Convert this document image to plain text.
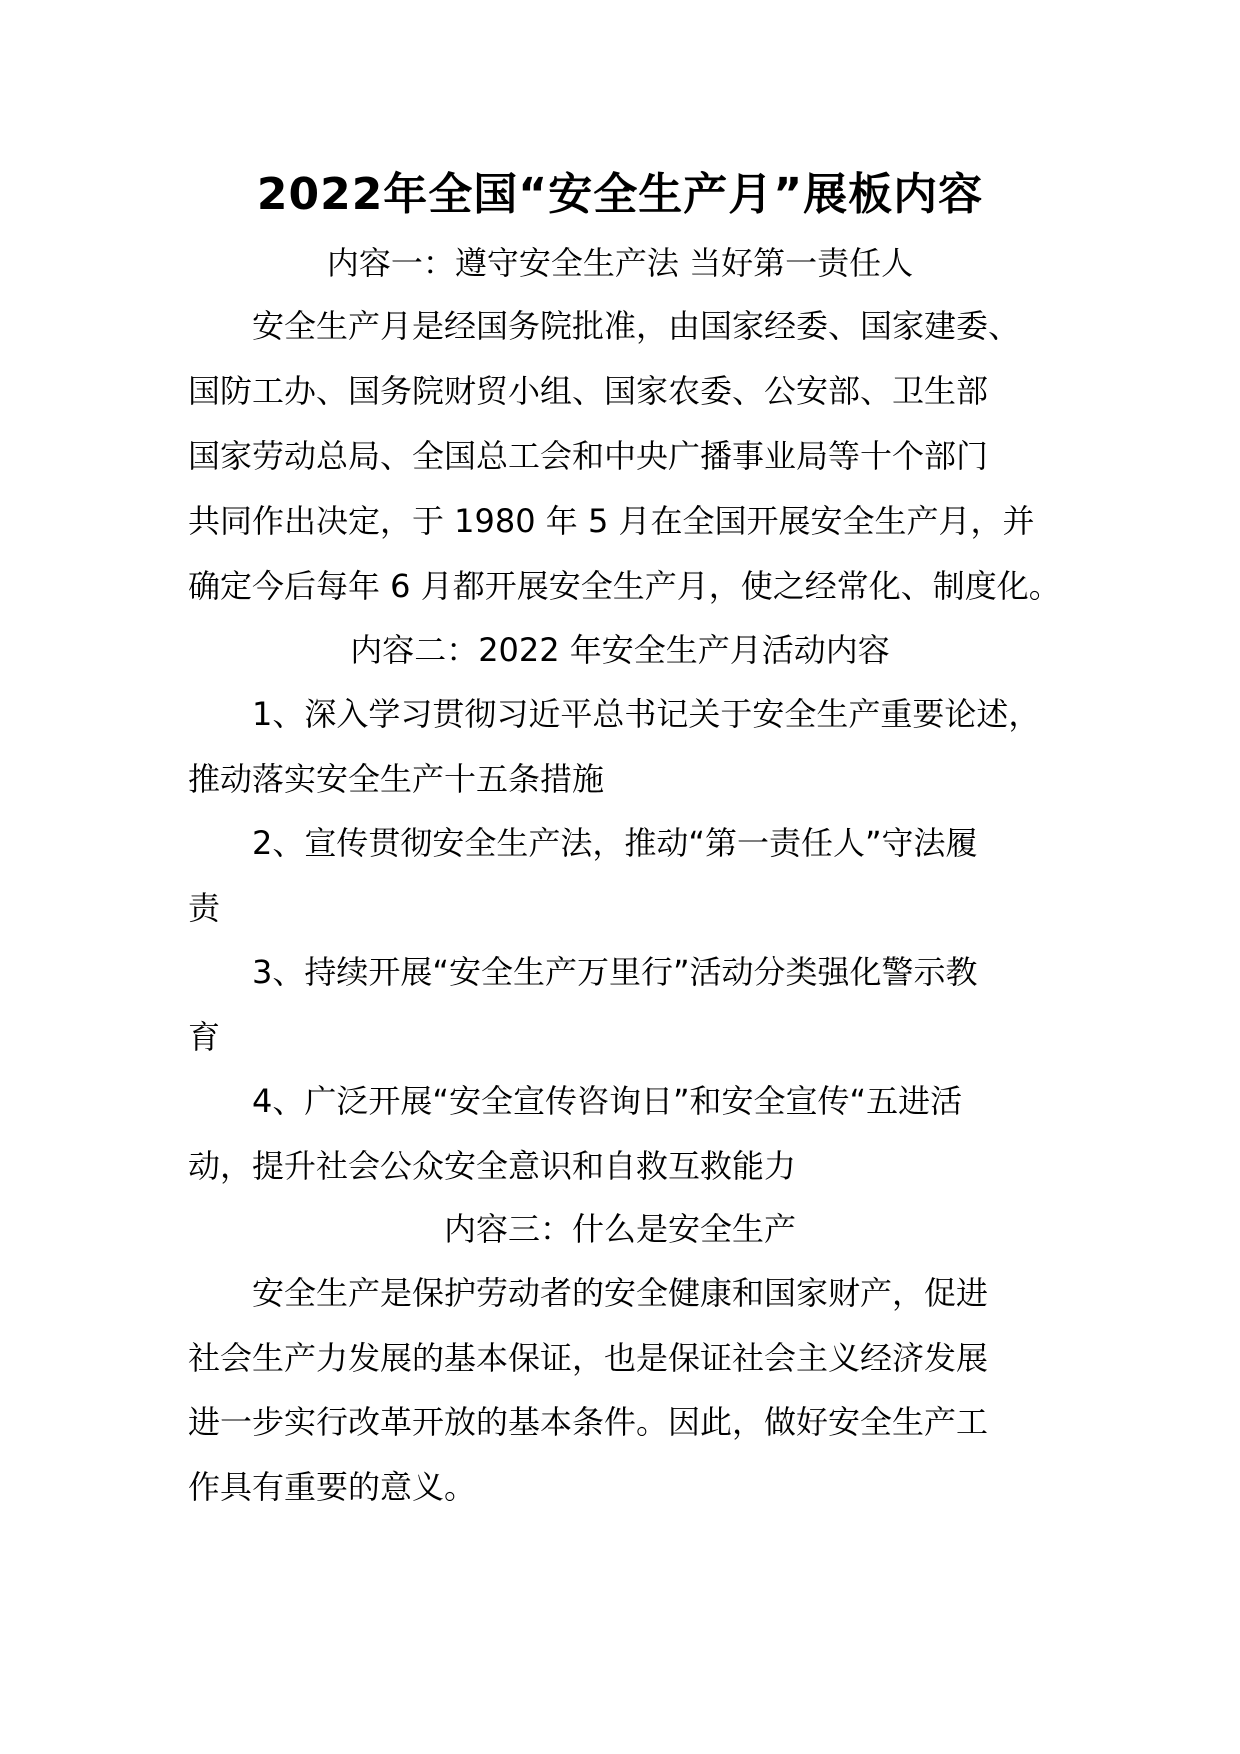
2022年全国“安全生产月”展板内容
内容一：遵守安全生产法 当好第一责任人
安全生产月是经国务院批准，由国家经委、国家建委、
国防工办、国务院财贸小组、国家农委、公安部、卫生部
国家劳动总局、全国总工会和中央广播事业局等十个部门
共同作出决定，于 1980 年 5 月在全国开展安全生产月，并
确定今后每年 6 月都开展安全生产月，使之经常化、制度化。
内容二：2022 年安全生产月活动内容
1、深入学习贯彻习近平总书记关于安全生产重要论述，
推动落实安全生产十五条措施
2、宣传贯彻安全生产法，推动“第一责任人”守法履
责
3、持续开展“安全生产万里行”活动分类强化警示教
育
4、广泛开展“安全宣传咨询日”和安全宣传“五进活
动，提升社会公众安全意识和自救互救能力
内容三：什么是安全生产
安全生产是保护劳动者的安全健康和国家财产，促进
社会生产力发展的基本保证，也是保证社会主义经济发展
进一步实行改革开放的基本条件。因此，做好安全生产工
作具有重要的意义。
